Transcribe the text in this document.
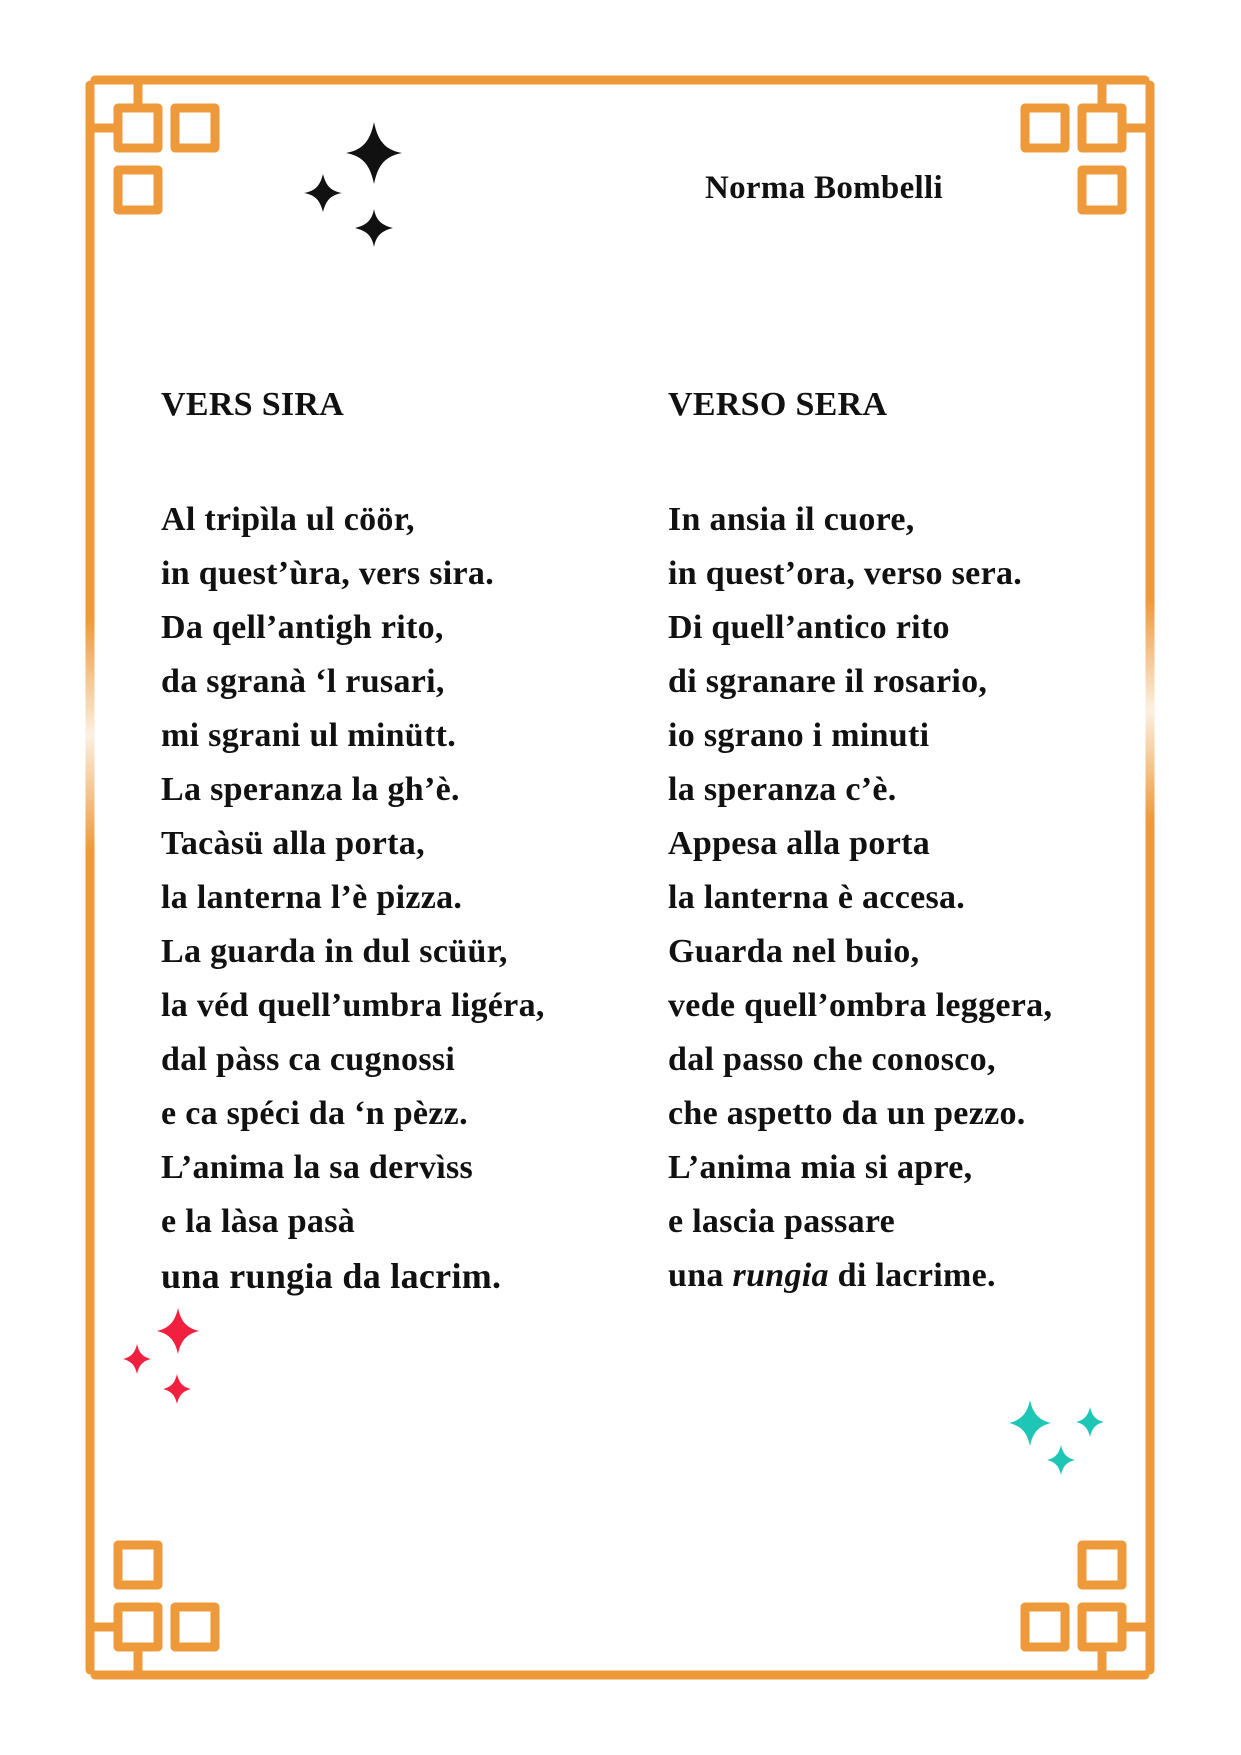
Norma Bombelli
VERS SIRA
Al tripìla ul cöör,
in quest’ùra, vers sira.
Da qell’antigh rito,
da sgranà ‘l rusari,
mi sgrani ul minütt.
La speranza la gh’è.
Tacàsü alla porta,
la lanterna l’è pizza.
La guarda in dul scüür,
la véd quell’umbra ligéra,
dal pàss ca cugnossi
e ca spéci da ‘n pèzz.
L’anima la sa dervìss
e la làsa pasà
una rungia da lacrim.
VERSO SERA
In ansia il cuore,
in quest’ora, verso sera.
Di quell’antico rito
di sgranare il rosario,
io sgrano i minuti
la speranza c’è.
Appesa alla porta
la lanterna è accesa.
Guarda nel buio,
vede quell’ombra leggera,
dal passo che conosco,
che aspetto da un pezzo.
L’anima mia si apre,
e lascia passare
una rungia di lacrime.
